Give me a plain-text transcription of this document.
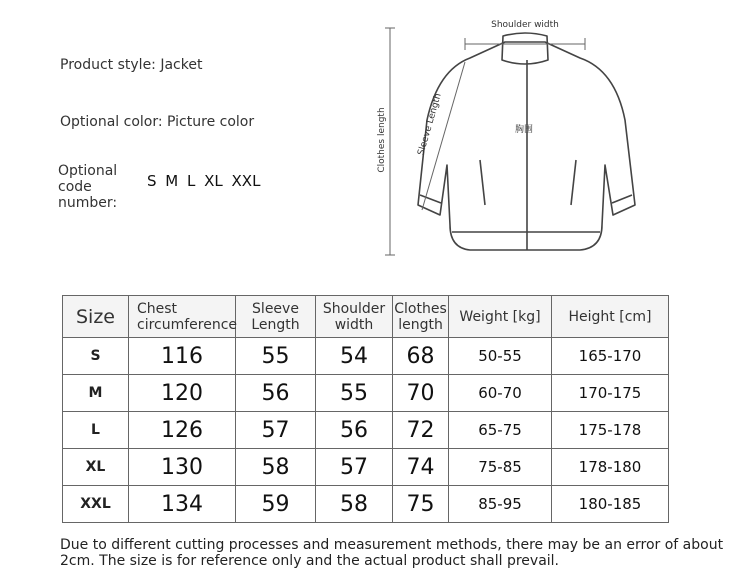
Product style: Jacket
Optional color: Picture color
Optional code number:
S M L XL XXL
Shoulder width
Clothes length	Sleeve Length	胸围
Size	Chest circumference	Sleeve Length	Shoulder width	Clothes length	Weight [kg]	Height [cm]
S	116	55	54	68	50-55	165-170
M	120	56	55	70	60-70	170-175
L	126	57	56	72	65-75	175-178
XL	130	58	57	74	75-85	178-180
XXL	134	59	58	75	85-95	180-185
Due to different cutting processes and measurement methods, there may be an error of about 2cm. The size is for reference only and the actual product shall prevail.
